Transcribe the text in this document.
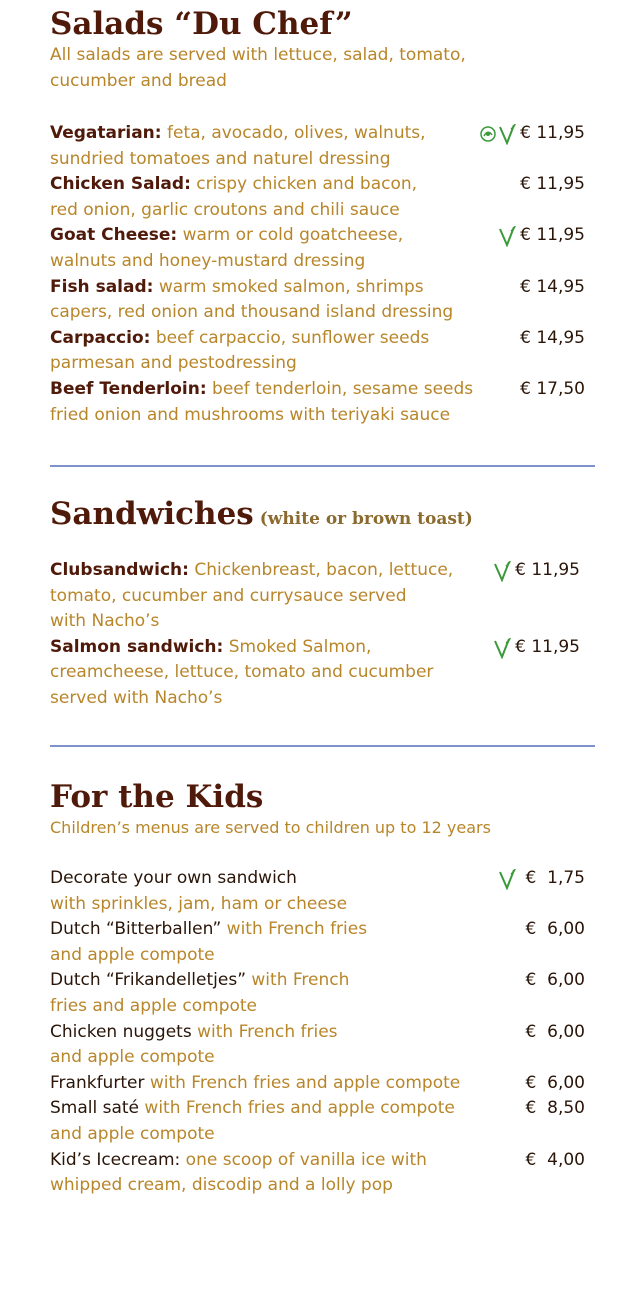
Salads “Du Chef”

All salads are served with lettuce, salad, tomato,

cucumber and bread

Vegatarian: feta, avocado, olives, walnuts,
sundried tomatoes and naturel dressing
€ 11,95
Chicken Salad: crispy chicken and bacon,
red onion, garlic croutons and chili sauce
€ 11,95
Goat Cheese: warm or cold goatcheese,
walnuts and honey-mustard dressing
€ 11,95
Fish salad: warm smoked salmon, shrimps
capers, red onion and thousand island dressing
€ 14,95
Carpaccio: beef carpaccio, sunflower seeds
parmesan and pestodressing
€ 14,95
Beef Tenderloin: beef tenderloin, sesame seeds
fried onion and mushrooms with teriyaki sauce
€ 17,50
Sandwiches (white or brown toast)
Clubsandwich: Chickenbreast, bacon, lettuce,
tomato, cucumber and currysauce served
with Nacho’s
€ 11,95
Salmon sandwich: Smoked Salmon,
creamcheese, lettuce, tomato and cucumber
served with Nacho’s
€ 11,95
For the Kids

Children’s menus are served to children up to 12 years

Decorate your own sandwich
with sprinkles, jam, ham or cheese
€  1,75
Dutch “Bitterballen” with French fries
and apple compote
€  6,00
Dutch “Frikandelletjes” with French
fries and apple compote
€  6,00
Chicken nuggets with French fries
and apple compote
€  6,00
Frankfurter with French fries and apple compote	€  6,00
Small saté with French fries and apple compote
and apple compote
€  8,50
Kid’s Icecream: one scoop of vanilla ice with
whipped cream, discodip and a lolly pop
€  4,00
